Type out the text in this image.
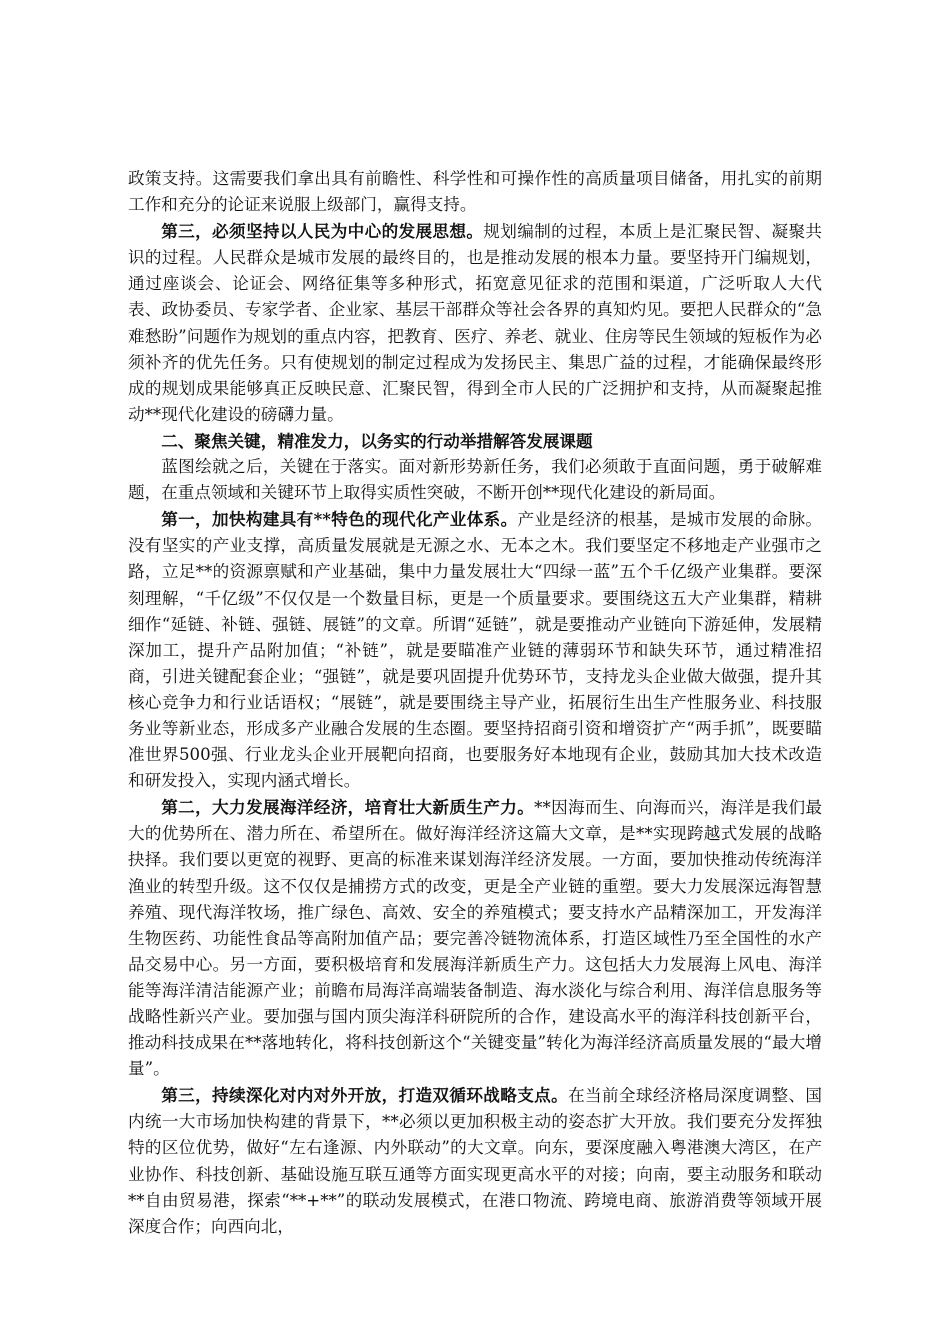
政策支持。这需要我们拿出具有前瞻性、科学性和可操作性的高质量项目储备，用扎实的前期工作和充分的论证来说服上级部门，赢得支持。

第三，必须坚持以人民为中心的发展思想。规划编制的过程，本质上是汇聚民智、凝聚共识的过程。人民群众是城市发展的最终目的，也是推动发展的根本力量。要坚持开门编规划，通过座谈会、论证会、网络征集等多种形式，拓宽意见征求的范围和渠道，广泛听取人大代表、政协委员、专家学者、企业家、基层干部群众等社会各界的真知灼见。要把人民群众的“急难愁盼”问题作为规划的重点内容，把教育、医疗、养老、就业、住房等民生领域的短板作为必须补齐的优先任务。只有使规划的制定过程成为发扬民主、集思广益的过程，才能确保最终形成的规划成果能够真正反映民意、汇聚民智，得到全市人民的广泛拥护和支持，从而凝聚起推动**现代化建设的磅礴力量。

二、聚焦关键，精准发力，以务实的行动举措解答发展课题

蓝图绘就之后，关键在于落实。面对新形势新任务，我们必须敢于直面问题，勇于破解难题，在重点领域和关键环节上取得实质性突破，不断开创**现代化建设的新局面。

第一，加快构建具有**特色的现代化产业体系。产业是经济的根基，是城市发展的命脉。没有坚实的产业支撑，高质量发展就是无源之水、无本之木。我们要坚定不移地走产业强市之路，立足**的资源禀赋和产业基础，集中力量发展壮大“四绿一蓝”五个千亿级产业集群。要深刻理解，“千亿级”不仅仅是一个数量目标，更是一个质量要求。要围绕这五大产业集群，精耕细作“延链、补链、强链、展链”的文章。所谓“延链”，就是要推动产业链向下游延伸，发展精深加工，提升产品附加值；“补链”，就是要瞄准产业链的薄弱环节和缺失环节，通过精准招商，引进关键配套企业；“强链”，就是要巩固提升优势环节，支持龙头企业做大做强，提升其核心竞争力和行业话语权；“展链”，就是要围绕主导产业，拓展衍生出生产性服务业、科技服务业等新业态，形成多产业融合发展的生态圈。要坚持招商引资和增资扩产“两手抓”，既要瞄准世界500强、行业龙头企业开展靶向招商，也要服务好本地现有企业，鼓励其加大技术改造和研发投入，实现内涵式增长。

第二，大力发展海洋经济，培育壮大新质生产力。**因海而生、向海而兴，海洋是我们最大的优势所在、潜力所在、希望所在。做好海洋经济这篇大文章，是**实现跨越式发展的战略抉择。我们要以更宽的视野、更高的标准来谋划海洋经济发展。一方面，要加快推动传统海洋渔业的转型升级。这不仅仅是捕捞方式的改变，更是全产业链的重塑。要大力发展深远海智慧养殖、现代海洋牧场，推广绿色、高效、安全的养殖模式；要支持水产品精深加工，开发海洋生物医药、功能性食品等高附加值产品；要完善冷链物流体系，打造区域性乃至全国性的水产品交易中心。另一方面，要积极培育和发展海洋新质生产力。这包括大力发展海上风电、海洋能等海洋清洁能源产业；前瞻布局海洋高端装备制造、海水淡化与综合利用、海洋信息服务等战略性新兴产业。要加强与国内顶尖海洋科研院所的合作，建设高水平的海洋科技创新平台，推动科技成果在**落地转化，将科技创新这个“关键变量”转化为海洋经济高质量发展的“最大增量”。

第三，持续深化对内对外开放，打造双循环战略支点。在当前全球经济格局深度调整、国内统一大市场加快构建的背景下，**必须以更加积极主动的姿态扩大开放。我们要充分发挥独特的区位优势，做好“左右逢源、内外联动”的大文章。向东，要深度融入粤港澳大湾区，在产业协作、科技创新、基础设施互联互通等方面实现更高水平的对接；向南，要主动服务和联动**自由贸易港，探索“**+**”的联动发展模式，在港口物流、跨境电商、旅游消费等领域开展深度合作；向西向北，
